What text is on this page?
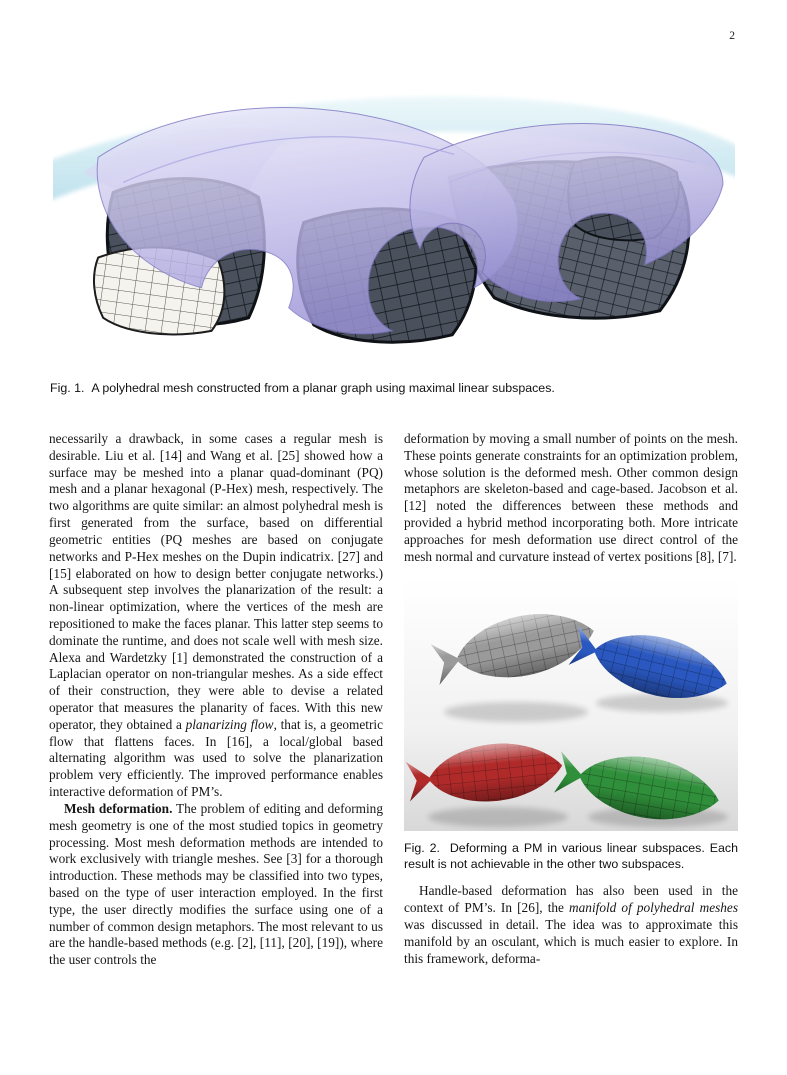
2
Fig. 1.  A polyhedral mesh constructed from a planar graph using maximal linear subspaces.

necessarily a drawback, in some cases a regular mesh is desirable. Liu et al. [14] and Wang et al. [25] showed how a surface may be meshed into a planar quad-dominant (PQ) mesh and a planar hexagonal (P-Hex) mesh, respectively. The two algorithms are quite similar: an almost polyhedral mesh is first generated from the surface, based on differential geometric entities (PQ meshes are based on conjugate networks and P-Hex meshes on the Dupin indicatrix. [27] and [15] elaborated on how to design better conjugate networks.) A subsequent step involves the planarization of the result: a non-linear optimization, where the vertices of the mesh are repositioned to make the faces planar. This latter step seems to dominate the runtime, and does not scale well with mesh size. Alexa and Wardetzky [1] demonstrated the construction of a Laplacian operator on non-triangular meshes. As a side effect of their construction, they were able to devise a related operator that measures the planarity of faces. With this new operator, they obtained a planarizing flow, that is, a geometric flow that flattens faces. In [16], a local/global based alternating algorithm was used to solve the planarization problem very efficiently. The improved performance enables interactive deformation of PM’s.

Mesh deformation. The problem of editing and deforming mesh geometry is one of the most studied topics in geometry processing. Most mesh deformation methods are intended to work exclusively with triangle meshes. See [3] for a thorough introduction. These methods may be classified into two types, based on the type of user interaction employed. In the first type, the user directly modifies the surface using one of a number of common design metaphors. The most relevant to us are the handle-based methods (e.g. [2], [11], [20], [19]), where the user controls the

deformation by moving a small number of points on the mesh. These points generate constraints for an optimization problem, whose solution is the deformed mesh. Other common design metaphors are skeleton-based and cage-based. Jacobson et al. [12] noted the differences between these methods and provided a hybrid method incorporating both. More intricate approaches for mesh deformation use direct control of the mesh normal and curvature instead of vertex positions [8], [7].

Fig. 2.  Deforming a PM in various linear subspaces. Each result is not achievable in the other two subspaces.

Handle-based deformation has also been used in the context of PM’s. In [26], the manifold of polyhedral meshes was discussed in detail. The idea was to approximate this manifold by an osculant, which is much easier to explore. In this framework, deforma-
